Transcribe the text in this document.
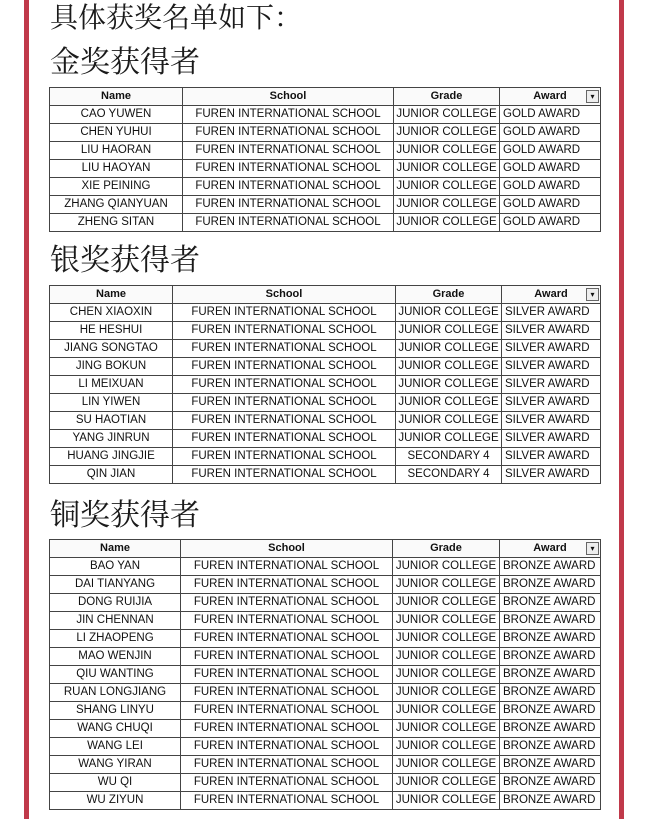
具体获奖名单如下：
金奖获得者
Name	School	Grade	Award ▾

CAO YUWEN	FUREN INTERNATIONAL SCHOOL	JUNIOR COLLEGE	GOLD AWARD
CHEN YUHUI	FUREN INTERNATIONAL SCHOOL	JUNIOR COLLEGE	GOLD AWARD
LIU HAORAN	FUREN INTERNATIONAL SCHOOL	JUNIOR COLLEGE	GOLD AWARD
LIU HAOYAN	FUREN INTERNATIONAL SCHOOL	JUNIOR COLLEGE	GOLD AWARD
XIE PEINING	FUREN INTERNATIONAL SCHOOL	JUNIOR COLLEGE	GOLD AWARD
ZHANG QIANYUAN	FUREN INTERNATIONAL SCHOOL	JUNIOR COLLEGE	GOLD AWARD
ZHENG SITAN	FUREN INTERNATIONAL SCHOOL	JUNIOR COLLEGE	GOLD AWARD
银奖获得者
Name	School	Grade	Award ▾

CHEN XIAOXIN	FUREN INTERNATIONAL SCHOOL	JUNIOR COLLEGE	SILVER AWARD
HE HESHUI	FUREN INTERNATIONAL SCHOOL	JUNIOR COLLEGE	SILVER AWARD
JIANG SONGTAO	FUREN INTERNATIONAL SCHOOL	JUNIOR COLLEGE	SILVER AWARD
JING BOKUN	FUREN INTERNATIONAL SCHOOL	JUNIOR COLLEGE	SILVER AWARD
LI MEIXUAN	FUREN INTERNATIONAL SCHOOL	JUNIOR COLLEGE	SILVER AWARD
LIN YIWEN	FUREN INTERNATIONAL SCHOOL	JUNIOR COLLEGE	SILVER AWARD
SU HAOTIAN	FUREN INTERNATIONAL SCHOOL	JUNIOR COLLEGE	SILVER AWARD
YANG JINRUN	FUREN INTERNATIONAL SCHOOL	JUNIOR COLLEGE	SILVER AWARD
HUANG JINGJIE	FUREN INTERNATIONAL SCHOOL	SECONDARY 4	SILVER AWARD
QIN JIAN	FUREN INTERNATIONAL SCHOOL	SECONDARY 4	SILVER AWARD
铜奖获得者
Name	School	Grade	Award ▾

BAO YAN	FUREN INTERNATIONAL SCHOOL	JUNIOR COLLEGE	BRONZE AWARD
DAI TIANYANG	FUREN INTERNATIONAL SCHOOL	JUNIOR COLLEGE	BRONZE AWARD
DONG RUIJIA	FUREN INTERNATIONAL SCHOOL	JUNIOR COLLEGE	BRONZE AWARD
JIN CHENNAN	FUREN INTERNATIONAL SCHOOL	JUNIOR COLLEGE	BRONZE AWARD
LI ZHAOPENG	FUREN INTERNATIONAL SCHOOL	JUNIOR COLLEGE	BRONZE AWARD
MAO WENJIN	FUREN INTERNATIONAL SCHOOL	JUNIOR COLLEGE	BRONZE AWARD
QIU WANTING	FUREN INTERNATIONAL SCHOOL	JUNIOR COLLEGE	BRONZE AWARD
RUAN LONGJIANG	FUREN INTERNATIONAL SCHOOL	JUNIOR COLLEGE	BRONZE AWARD
SHANG LINYU	FUREN INTERNATIONAL SCHOOL	JUNIOR COLLEGE	BRONZE AWARD
WANG CHUQI	FUREN INTERNATIONAL SCHOOL	JUNIOR COLLEGE	BRONZE AWARD
WANG LEI	FUREN INTERNATIONAL SCHOOL	JUNIOR COLLEGE	BRONZE AWARD
WANG YIRAN	FUREN INTERNATIONAL SCHOOL	JUNIOR COLLEGE	BRONZE AWARD
WU QI	FUREN INTERNATIONAL SCHOOL	JUNIOR COLLEGE	BRONZE AWARD
WU ZIYUN	FUREN INTERNATIONAL SCHOOL	JUNIOR COLLEGE	BRONZE AWARD
